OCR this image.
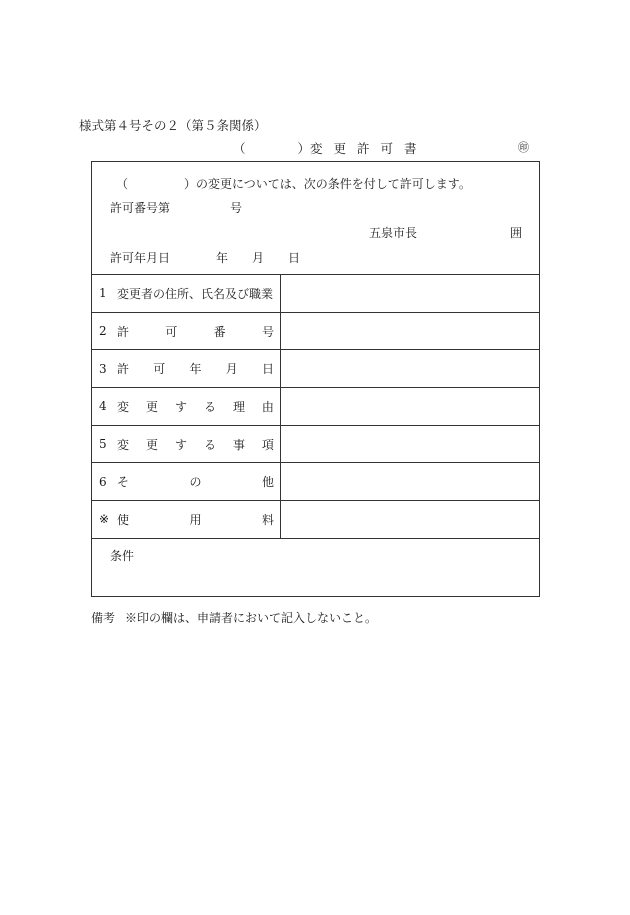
様式第４号その２（第５条関係）
（	）変更許可書	㊞
（	）の変更については、次の条件を付して許可します。
許可番号第	号
五泉市長	囲
許可年月日	年 月 日
1 変更者の住所、氏名及び職業
2 許	可	番	号
3 許 可 年 月 日
4 変 更 す る 理 由
5 変 更 す る 事 項
6 そ	の	他
※ 使	用	料
条件
備考 ※印の欄は、申請者において記入しないこと。
